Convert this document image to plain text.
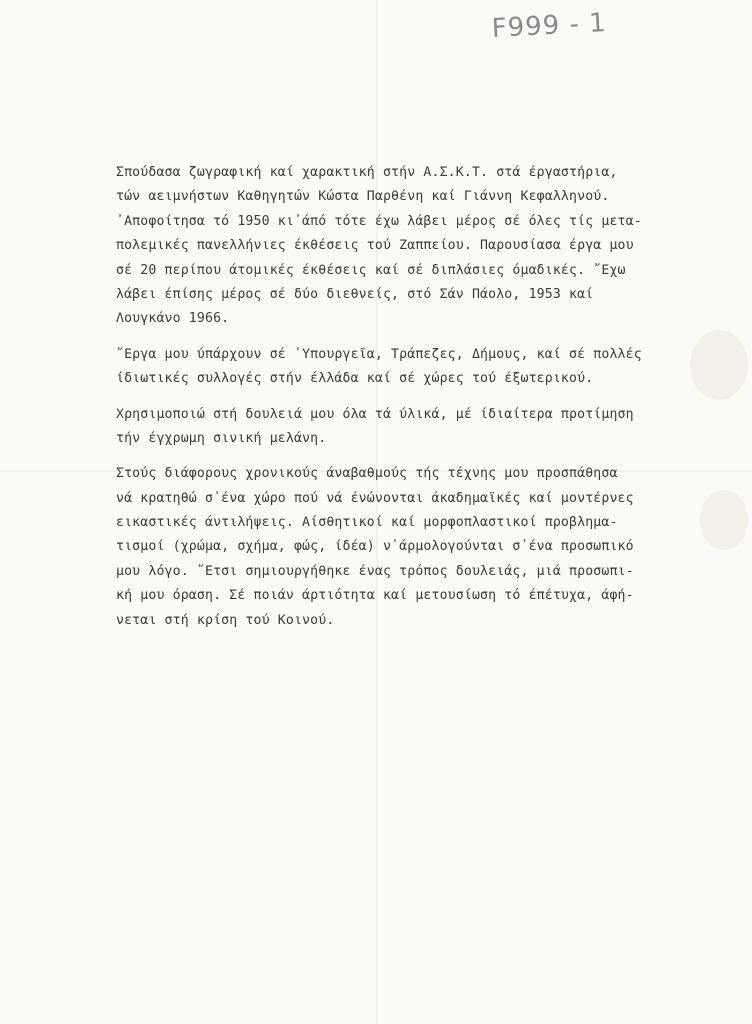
F999 - 1
Σπούδασα ζωγραφική καί χαρακτική στήν Α.Σ.Κ.Τ. στά έργαστήρια,
τών αειμνήστων Καθηγητών Κώστα Παρθένη καί Γιάννη Κεφαλληνού.
᾿Αποφοίτησα τό 1950 κι᾿άπό τότε έχω λάβει μέρος σέ όλες τίς μετα-
πολεμικές πανελλήνιες έκθέσεις τού Ζαππείου. Παρουσίασα έργα μου
σέ 20 περίπου άτομικές έκθέσεις καί σέ διπλάσιες όμαδικές. ῎Εχω
λάβει έπίσης μέρος σέ δύο διεθνείς, στό Σάν Πάολο, 1953 καί
Λουγκάνο 1966.
῎Εργα μου ύπάρχουν σέ ῾Υπουργεῖα, Τράπεζες, Δήμους, καί σέ πολλές
ίδιωτικές συλλογές στήν έλλάδα καί σέ χώρες τού έξωτερικού.
Χρησιμοποιώ στή δουλειά μου όλα τά ύλικά, μέ ίδιαίτερα προτίμηση
τήν έγχρωμη σινική μελάνη.
Στούς διάφορους χρονικούς άναβαθμούς τής τέχνης μου προσπάθησα
νά κρατηθώ σ᾿ένα χώρο πού νά ένώνονται άκαδημαϊκές καί μοντέρνες
εικαστικές άντιλήψεις. Αίσθητικοί καί μορφοπλαστικοί προβλημα-
τισμοί (χρώμα, σχήμα, φώς, ίδέα) ν᾿άρμολογούνται σ᾿ένα προσωπικό
μου λόγο. ῎Ετσι σημιουργήθηκε ένας τρόπος δουλειάς, μιά προσωπι-
κή μου όραση. Σέ ποιάν άρτιότητα καί μετουσίωση τό έπέτυχα, άφή-
νεται στή κρίση τού Κοινού.
